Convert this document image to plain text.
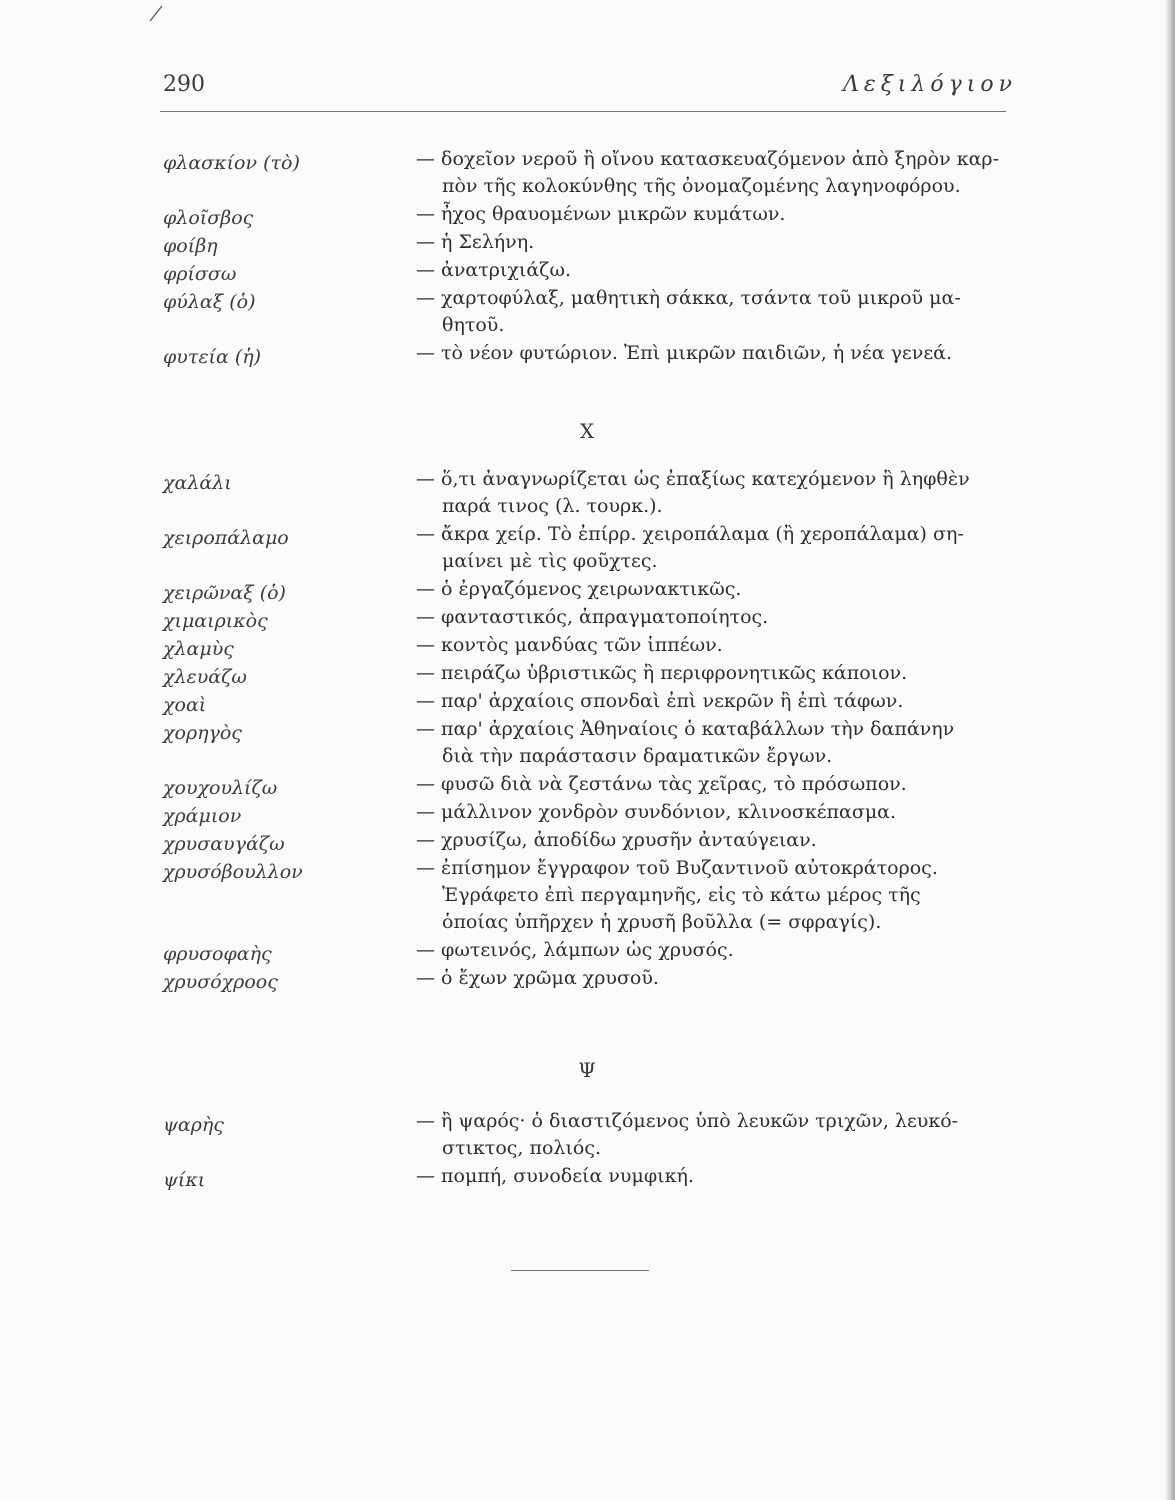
290	Λεξιλόγιον
φλασκίον (τὸ)	— δοχεῖον νεροῦ ἢ οἴνου κατασκευαζόμενον ἀπὸ ξηρὸν καρ-
πὸν τῆς κολοκύνθης τῆς ὀνομαζομένης λαγηνοφόρου.
φλοῖσβος	— ἦχος θραυομένων μικρῶν κυμάτων.
φοίβη	— ἡ Σελήνη.
φρίσσω	— ἀνατριχιάζω.
φύλαξ (ὁ)	— χαρτοφύλαξ, μαθητικὴ σάκκα, τσάντα τοῦ μικροῦ μα-
θητοῦ.
φυτεία (ἡ)	— τὸ νέον φυτώριον. Ἐπὶ μικρῶν παιδιῶν, ἡ νέα γενεά.
Χ
χαλάλι	— ὅ,τι ἀναγνωρίζεται ὡς ἐπαξίως κατεχόμενον ἢ ληφθὲν
παρά τινος (λ. τουρκ.).
χειροπάλαμο	— ἄκρα χείρ. Τὸ ἐπίρρ. χειροπάλαμα (ἢ χεροπάλαμα) ση-
μαίνει μὲ τὶς φοῦχτες.
χειρῶναξ (ὁ)	— ὁ ἐργαζόμενος χειρωνακτικῶς.
χιμαιρικὸς	— φανταστικός, ἀπραγματοποίητος.
χλαμὺς	— κοντὸς μανδύας τῶν ἱππέων.
χλευάζω	— πειράζω ὑβριστικῶς ἢ περιφρονητικῶς κάποιον.
χοαὶ	— παρ' ἀρχαίοις σπονδαὶ ἐπὶ νεκρῶν ἢ ἐπὶ τάφων.
χορηγὸς	— παρ' ἀρχαίοις Ἀθηναίοις ὁ καταβάλλων τὴν δαπάνην
διὰ τὴν παράστασιν δραματικῶν ἔργων.
χουχουλίζω	— φυσῶ διὰ νὰ ζεστάνω τὰς χεῖρας, τὸ πρόσωπον.
χράμιον	— μάλλινον χονδρὸν συνδόνιον, κλινοσκέπασμα.
χρυσαυγάζω	— χρυσίζω, ἀποδίδω χρυσῆν ἀνταύγειαν.
χρυσόβουλλον	— ἐπίσημον ἔγγραφον τοῦ Βυζαντινοῦ αὐτοκράτορος.
Ἐγράφετο ἐπὶ περγαμηνῆς, εἰς τὸ κάτω μέρος τῆς
ὁποίας ὑπῆρχεν ἡ χρυσῆ βοῦλλα (= σφραγίς).
φρυσοφαὴς	— φωτεινός, λάμπων ὡς χρυσός.
χρυσόχροος	— ὁ ἔχων χρῶμα χρυσοῦ.
Ψ
ψαρὴς	— ἢ ψαρός· ὁ διαστιζόμενος ὑπὸ λευκῶν τριχῶν, λευκό-
στικτος, πολιός.
ψίκι	— πομπή, συνοδεία νυμφική.
